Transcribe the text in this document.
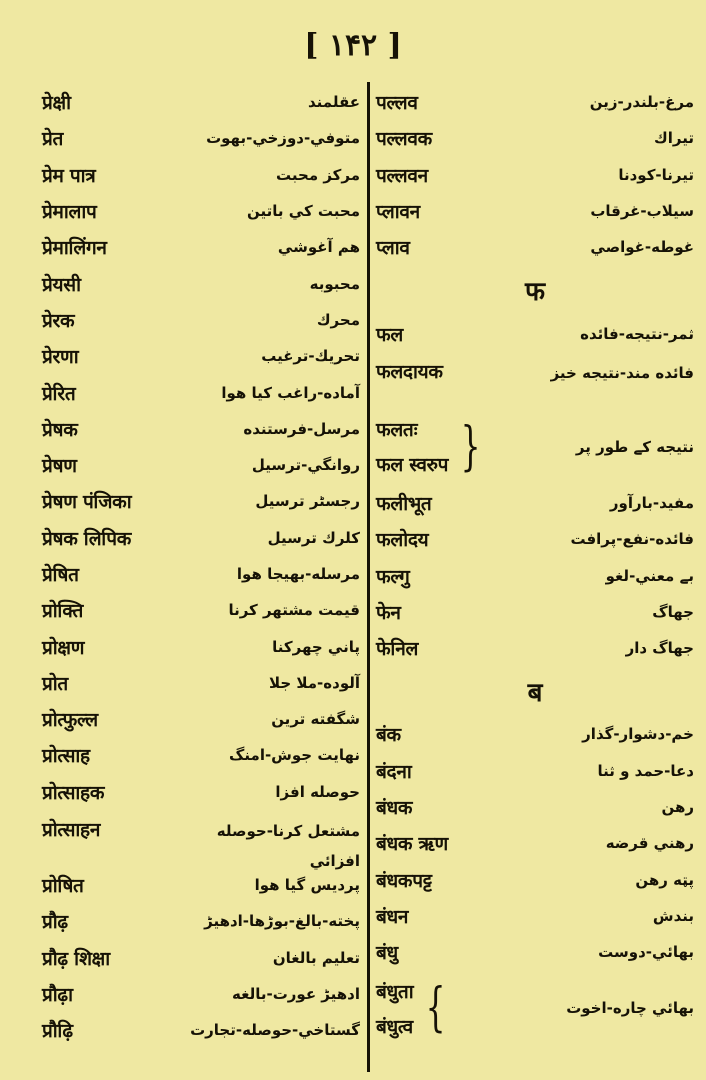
[ ۱۴۲ ]
प्रेक्षी	عقلمند
प्रेत	متوفي-دوزخي-بهوت
प्रेम पात्र	مركز محبت
प्रेमालाप	محبت كي باتين
प्रेमालिंगन	هم آغوشي
प्रेयसी	محبوبه
प्रेरक	محرك
प्रेरणा	تحريك-ترغيب
प्रेरित	آماده-راغب كيا هوا
प्रेषक	مرسل-فرستنده
प्रेषण	روانگي-ترسيل
प्रेषण पंजिका	رجسٹر ترسيل
प्रेषक लिपिक	كلرك ترسيل
प्रेषित	مرسله-بهيجا هوا
प्रोक्ति	قيمت مشتهر كرنا
प्रोक्षण	پاني چهركنا
प्रोत	آلوده-ملا جلا
प्रोत्फुल्ल	شگفته ترين
प्रोत्साह	نهايت جوش-امنگ
प्रोत्साहक	حوصله افزا
प्रोत्साहन	مشتعل كرنا-حوصله افزائي
प्रोषित	پرديس گيا هوا
प्रौढ़	پخته-بالغ-بوڑها-ادهيڑ
प्रौढ़ शिक्षा	تعليم بالغان
प्रौढ़ा	ادهيڑ عورت-بالغه
प्रौढ़ि	گستاخي-حوصله-تجارت
पल्लव	مرغ-بلندر-زين
पल्लवक	تيراك
पल्लवन	تيرنا-كودنا
प्लावन	سيلاب-غرقاب
प्लाव	غوطه-غواصي
फ
फल	ثمر-نتيجه-فائده
फलदायक	فائده مند-نتيجه خيز
फलतः
फल स्वरुप }	نتيجه كے طور پر
फलीभूत	مفيد-بارآور
फलोदय	فائده-نفع-پرافت
फल्गु	بے معني-لغو
फेन	جهاگ
फेनिल	جهاگ دار
ब
बंक	خم-دشوار-گذار
बंदना	دعا-حمد و ثنا
बंधक	رهن
बंधक ऋण	رهني قرضه
बंधकपट्ट	پټه رهن
बंधन	بندش
बंधु	بهائي-دوست
बंधुता
बंधुत्व {	بهائي چاره-اخوت
